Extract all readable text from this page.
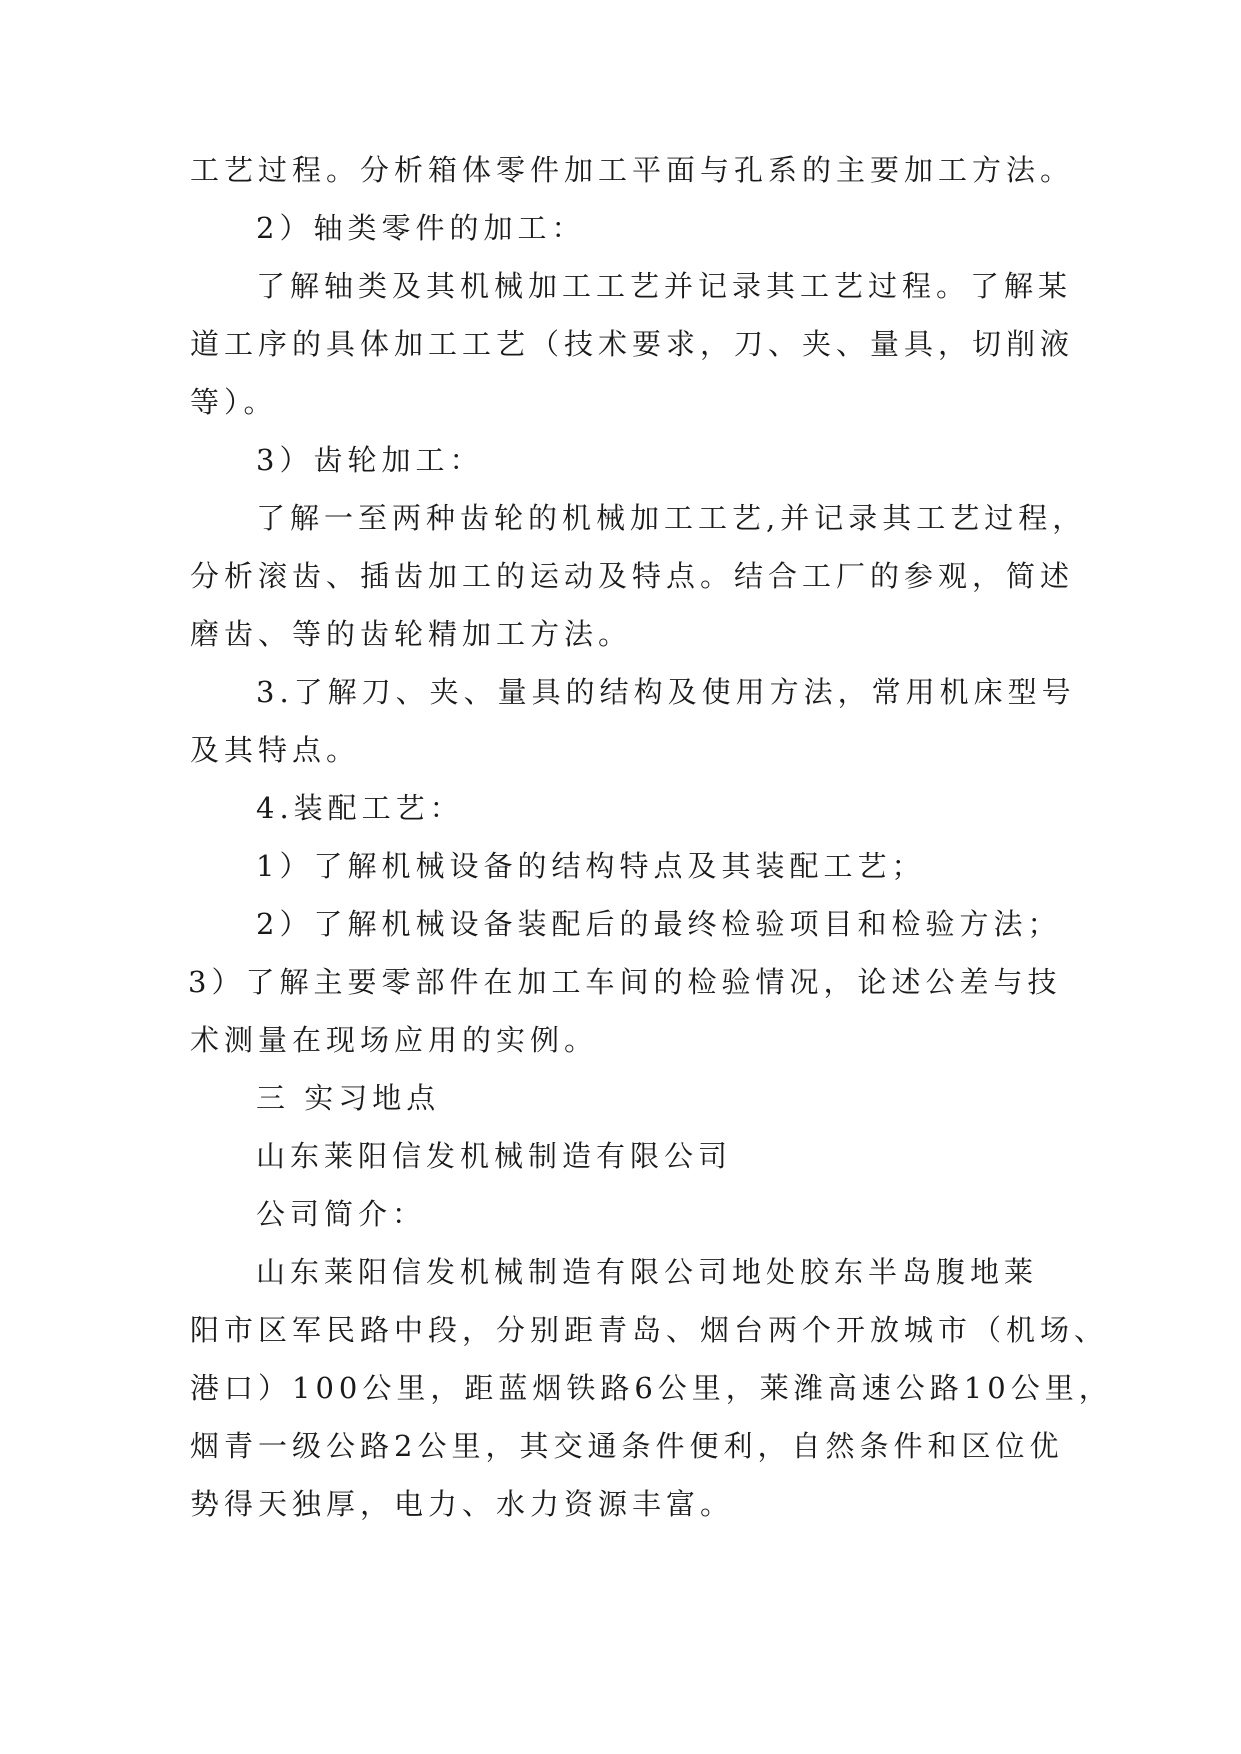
工艺过程。分析箱体零件加工平面与孔系的主要加工方法。

2）轴类零件的加工：

了解轴类及其机械加工工艺并记录其工艺过程。了解某

道工序的具体加工工艺（技术要求，刀、夹、量具，切削液

等）。

3）齿轮加工：

了解一至两种齿轮的机械加工工艺,并记录其工艺过程，

分析滚齿、插齿加工的运动及特点。结合工厂的参观，简述

磨齿、等的齿轮精加工方法。

3.了解刀、夹、量具的结构及使用方法，常用机床型号

及其特点。

4.装配工艺：

1）了解机械设备的结构特点及其装配工艺；

2）了解机械设备装配后的最终检验项目和检验方法；

3）了解主要零部件在加工车间的检验情况，论述公差与技

术测量在现场应用的实例。

三 实习地点

山东莱阳信发机械制造有限公司

公司简介：

山东莱阳信发机械制造有限公司地处胶东半岛腹地莱

阳市区军民路中段，分别距青岛、烟台两个开放城市（机场、

港口）100公里，距蓝烟铁路6公里，莱潍高速公路10公里，

烟青一级公路2公里，其交通条件便利，自然条件和区位优

势得天独厚，电力、水力资源丰富。
